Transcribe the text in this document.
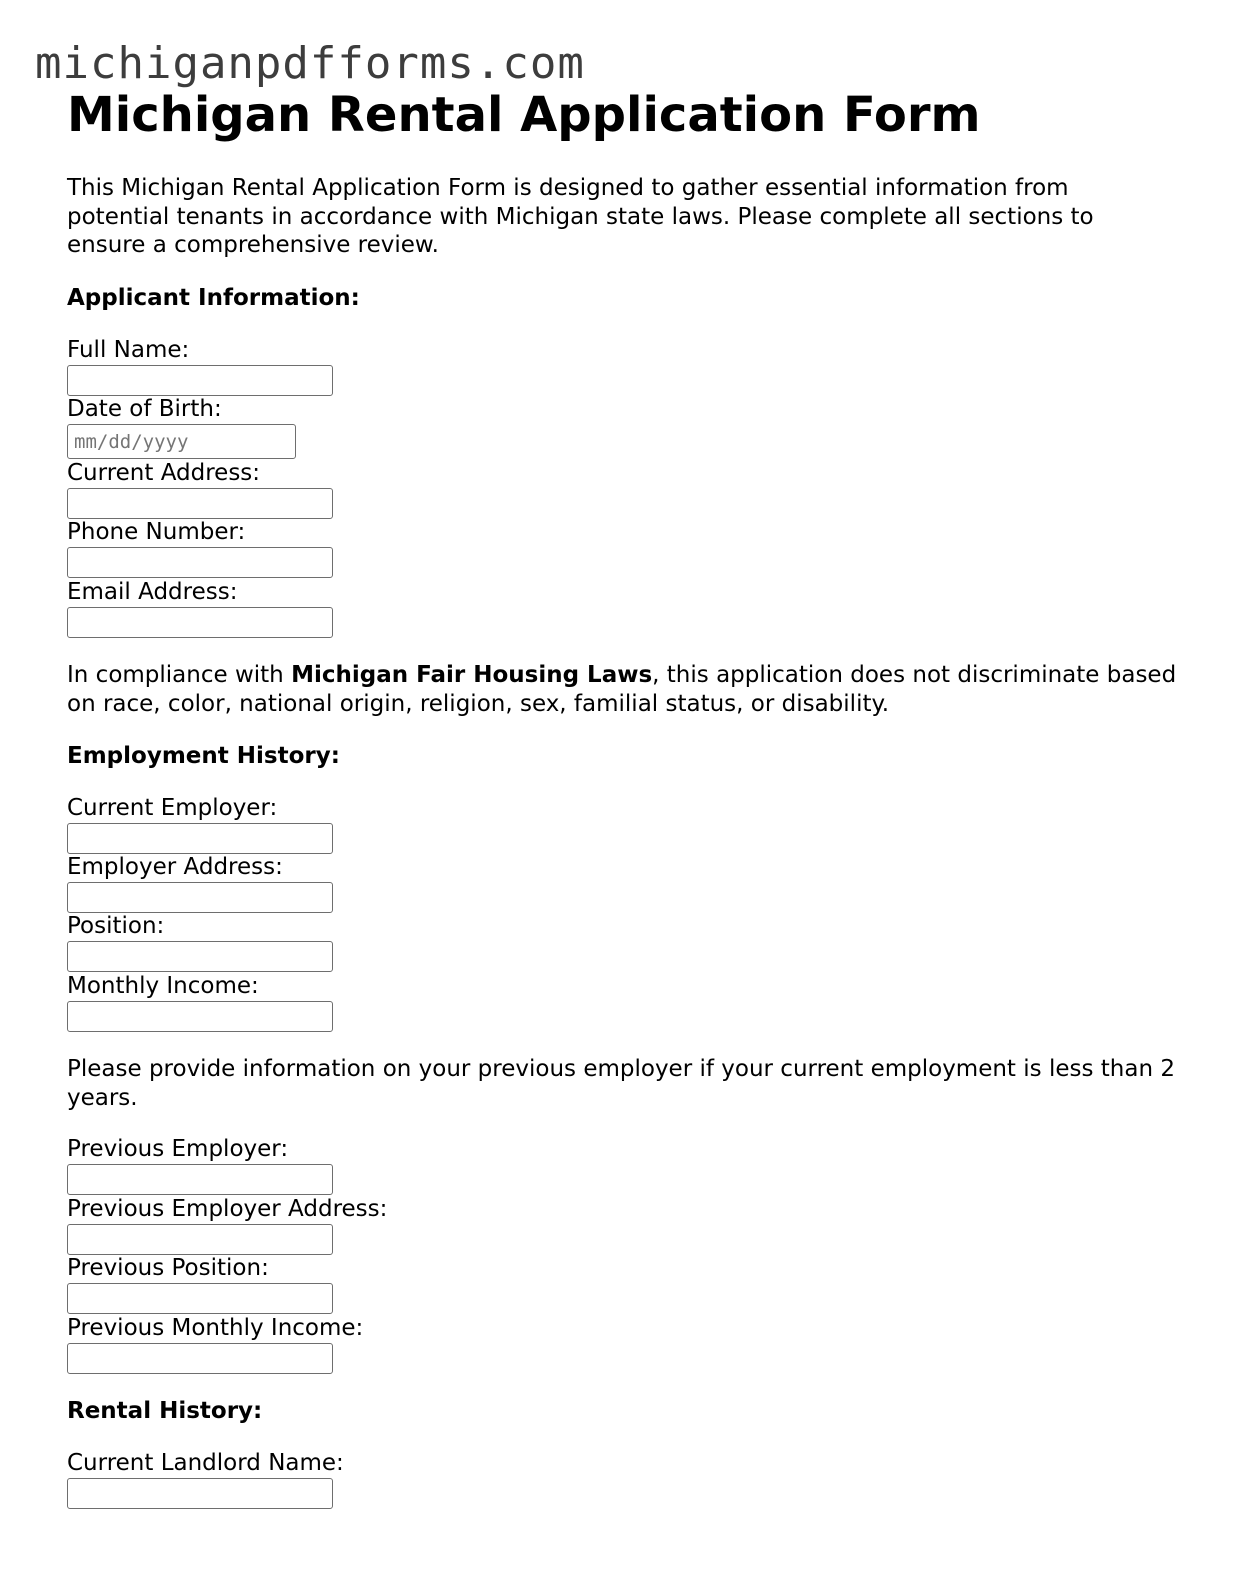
michiganpdfforms.com
Michigan Rental Application Form

This Michigan Rental Application Form is designed to gather essential information from potential tenants in accordance with Michigan state laws. Please complete all sections to ensure a comprehensive review.

Applicant Information:
Full Name:
Date of Birth:
mm/dd/yyyy
Current Address:
Phone Number:
Email Address:

In compliance with Michigan Fair Housing Laws, this application does not discriminate based on race, color, national origin, religion, sex, familial status, or disability.

Employment History:
Current Employer:
Employer Address:
Position:
Monthly Income:

Please provide information on your previous employer if your current employment is less than 2 years.

Previous Employer:
Previous Employer Address:
Previous Position:
Previous Monthly Income:
Rental History:
Current Landlord Name:
